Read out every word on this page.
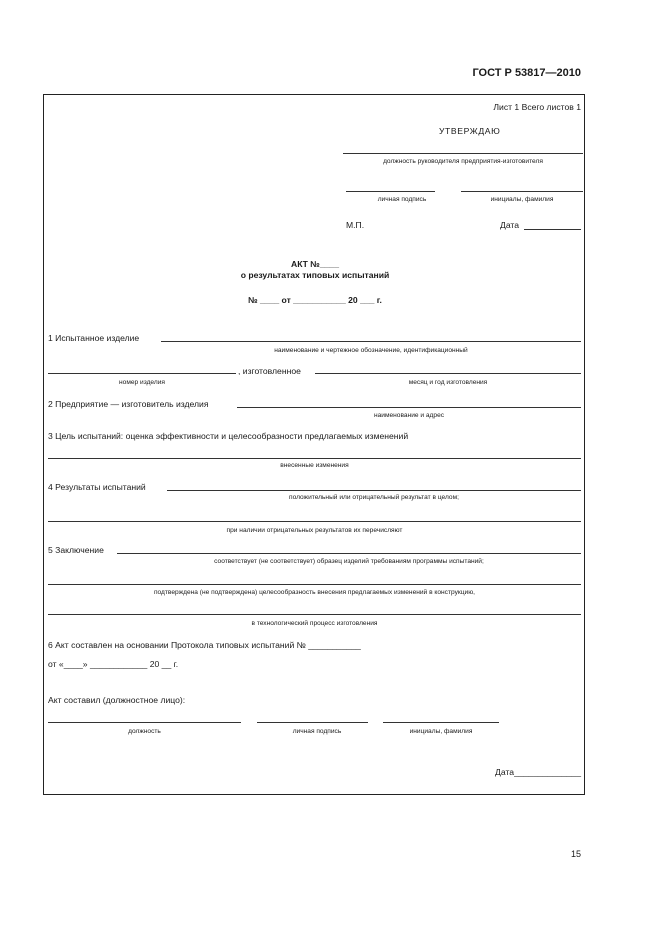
ГОСТ Р 53817—2010
Лист 1 Всего листов 1
УТВЕРЖДАЮ
должность руководителя предприятия-изготовителя
личная подпись	инициалы, фамилия
М.П.	Дата
АКТ №____
о результатах типовых испытаний
№ ____ от ___________ 20 ___ г.
1 Испытанное изделие
наименование и чертежное обозначение, идентификационный
, изготовленное
номер изделия	месяц и год изготовления
2 Предприятие — изготовитель изделия
наименование и адрес
3 Цель испытаний: оценка эффективности и целесообразности предлагаемых изменений
внесенные изменения
4 Результаты испытаний
положительный или отрицательный результат в целом;
при наличии отрицательных результатов их перечисляют
5 Заключение
соответствует (не соответствует) образец изделий требованиям программы испытаний;
подтверждена (не подтверждена) целесообразность внесения предлагаемых изменений в конструкцию,
в технологический процесс изготовления
6 Акт составлен на основании Протокола типовых испытаний № ___________
от «____» ____________ 20 __ г.
Акт составил (должностное лицо):
должность	личная подпись	инициалы, фамилия
Дата______________
15
